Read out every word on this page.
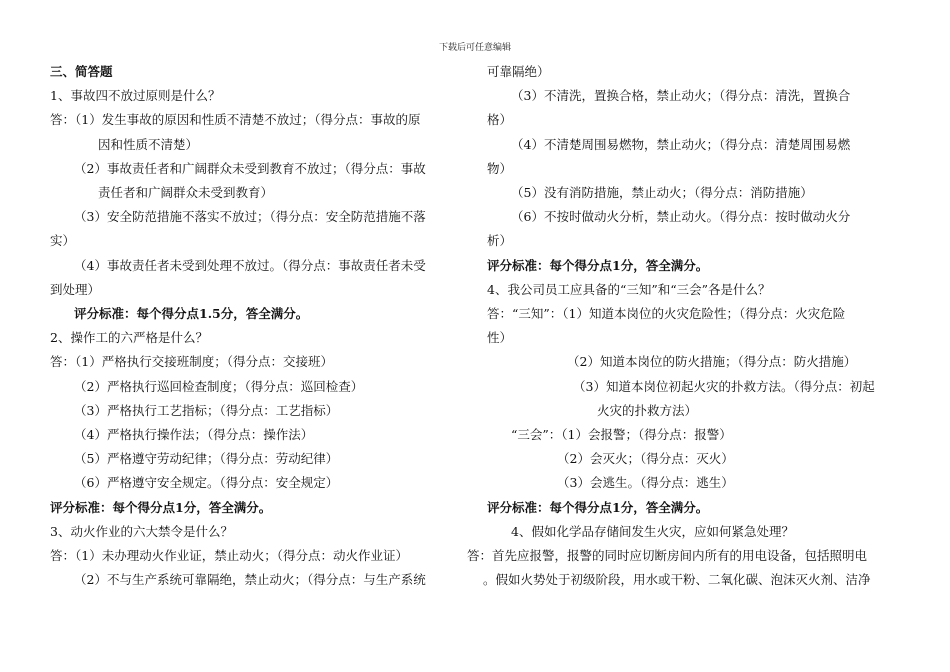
下载后可任意编辑
三、简答题
1、事故四不放过原则是什么？
答：（1）发生事故的原因和性质不清楚不放过；（得分点：事故的原
因和性质不清楚）
（2）事故责任者和广阔群众未受到教育不放过；（得分点：事故
责任者和广阔群众未受到教育）
（3）安全防范措施不落实不放过；（得分点：安全防范措施不落
实）
（4）事故责任者未受到处理不放过。（得分点：事故责任者未受
到处理）
评分标准：每个得分点1.5分，答全满分。
2、操作工的六严格是什么？
答：（1）严格执行交接班制度；（得分点：交接班）
（2）严格执行巡回检查制度；（得分点：巡回检查）
（3）严格执行工艺指标；（得分点：工艺指标）
（4）严格执行操作法；（得分点：操作法）
（5）严格遵守劳动纪律；（得分点：劳动纪律）
（6）严格遵守安全规定。（得分点：安全规定）
评分标准：每个得分点1分，答全满分。
3、动火作业的六大禁令是什么？
答：（1）未办理动火作业证，禁止动火；（得分点：动火作业证）
（2）不与生产系统可靠隔绝，禁止动火；（得分点：与生产系统
可靠隔绝）
（3）不清洗，置换合格，禁止动火；（得分点：清洗，置换合
格）
（4）不清楚周围易燃物，禁止动火；（得分点：清楚周围易燃
物）
（5）没有消防措施，禁止动火；（得分点：消防措施）
（6）不按时做动火分析，禁止动火。（得分点：按时做动火分
析）
评分标准：每个得分点1分，答全满分。
4、我公司员工应具备的“三知”和“三会”各是什么？
答：“三知”：（1）知道本岗位的火灾危险性；（得分点：火灾危险
性）
（2）知道本岗位的防火措施；（得分点：防火措施）
（3）知道本岗位初起火灾的扑救方法。（得分点：初起
火灾的扑救方法）
“三会”：（1）会报警；（得分点：报警）
（2）会灭火；（得分点：灭火）
（3）会逃生。（得分点：逃生）
评分标准：每个得分点1分，答全满分。
4、假如化学品存储间发生火灾，应如何紧急处理？
答：首先应报警，报警的同时应切断房间内所有的用电设备，包括照明电
。假如火势处于初级阶段，用水或干粉、二氧化碳、泡沫灭火剂、洁净
